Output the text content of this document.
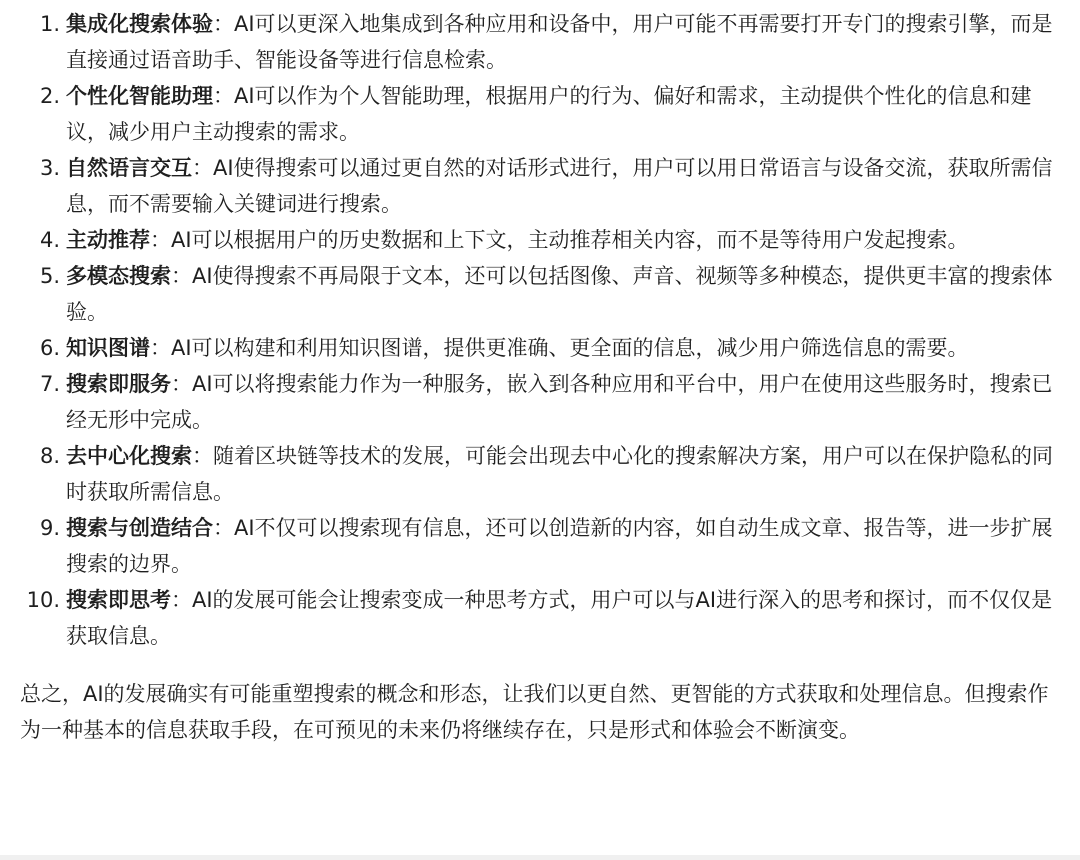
1. 集成化搜索体验：AI可以更深入地集成到各种应用和设备中，用户可能不再需要打开专门的搜索引擎，而是直接通过语音助手、智能设备等进行信息检索。
2. 个性化智能助理：AI可以作为个人智能助理，根据用户的行为、偏好和需求，主动提供个性化的信息和建议，减少用户主动搜索的需求。
3. 自然语言交互：AI使得搜索可以通过更自然的对话形式进行，用户可以用日常语言与设备交流，获取所需信息，而不需要输入关键词进行搜索。
4. 主动推荐：AI可以根据用户的历史数据和上下文，主动推荐相关内容，而不是等待用户发起搜索。
5. 多模态搜索：AI使得搜索不再局限于文本，还可以包括图像、声音、视频等多种模态，提供更丰富的搜索体验。
6. 知识图谱：AI可以构建和利用知识图谱，提供更准确、更全面的信息，减少用户筛选信息的需要。
7. 搜索即服务：AI可以将搜索能力作为一种服务，嵌入到各种应用和平台中，用户在使用这些服务时，搜索已经无形中完成。
8. 去中心化搜索：随着区块链等技术的发展，可能会出现去中心化的搜索解决方案，用户可以在保护隐私的同时获取所需信息。
9. 搜索与创造结合：AI不仅可以搜索现有信息，还可以创造新的内容，如自动生成文章、报告等，进一步扩展搜索的边界。
10. 搜索即思考：AI的发展可能会让搜索变成一种思考方式，用户可以与AI进行深入的思考和探讨，而不仅仅是获取信息。

总之，AI的发展确实有可能重塑搜索的概念和形态，让我们以更自然、更智能的方式获取和处理信息。但搜索作为一种基本的信息获取手段，在可预见的未来仍将继续存在，只是形式和体验会不断演变。
